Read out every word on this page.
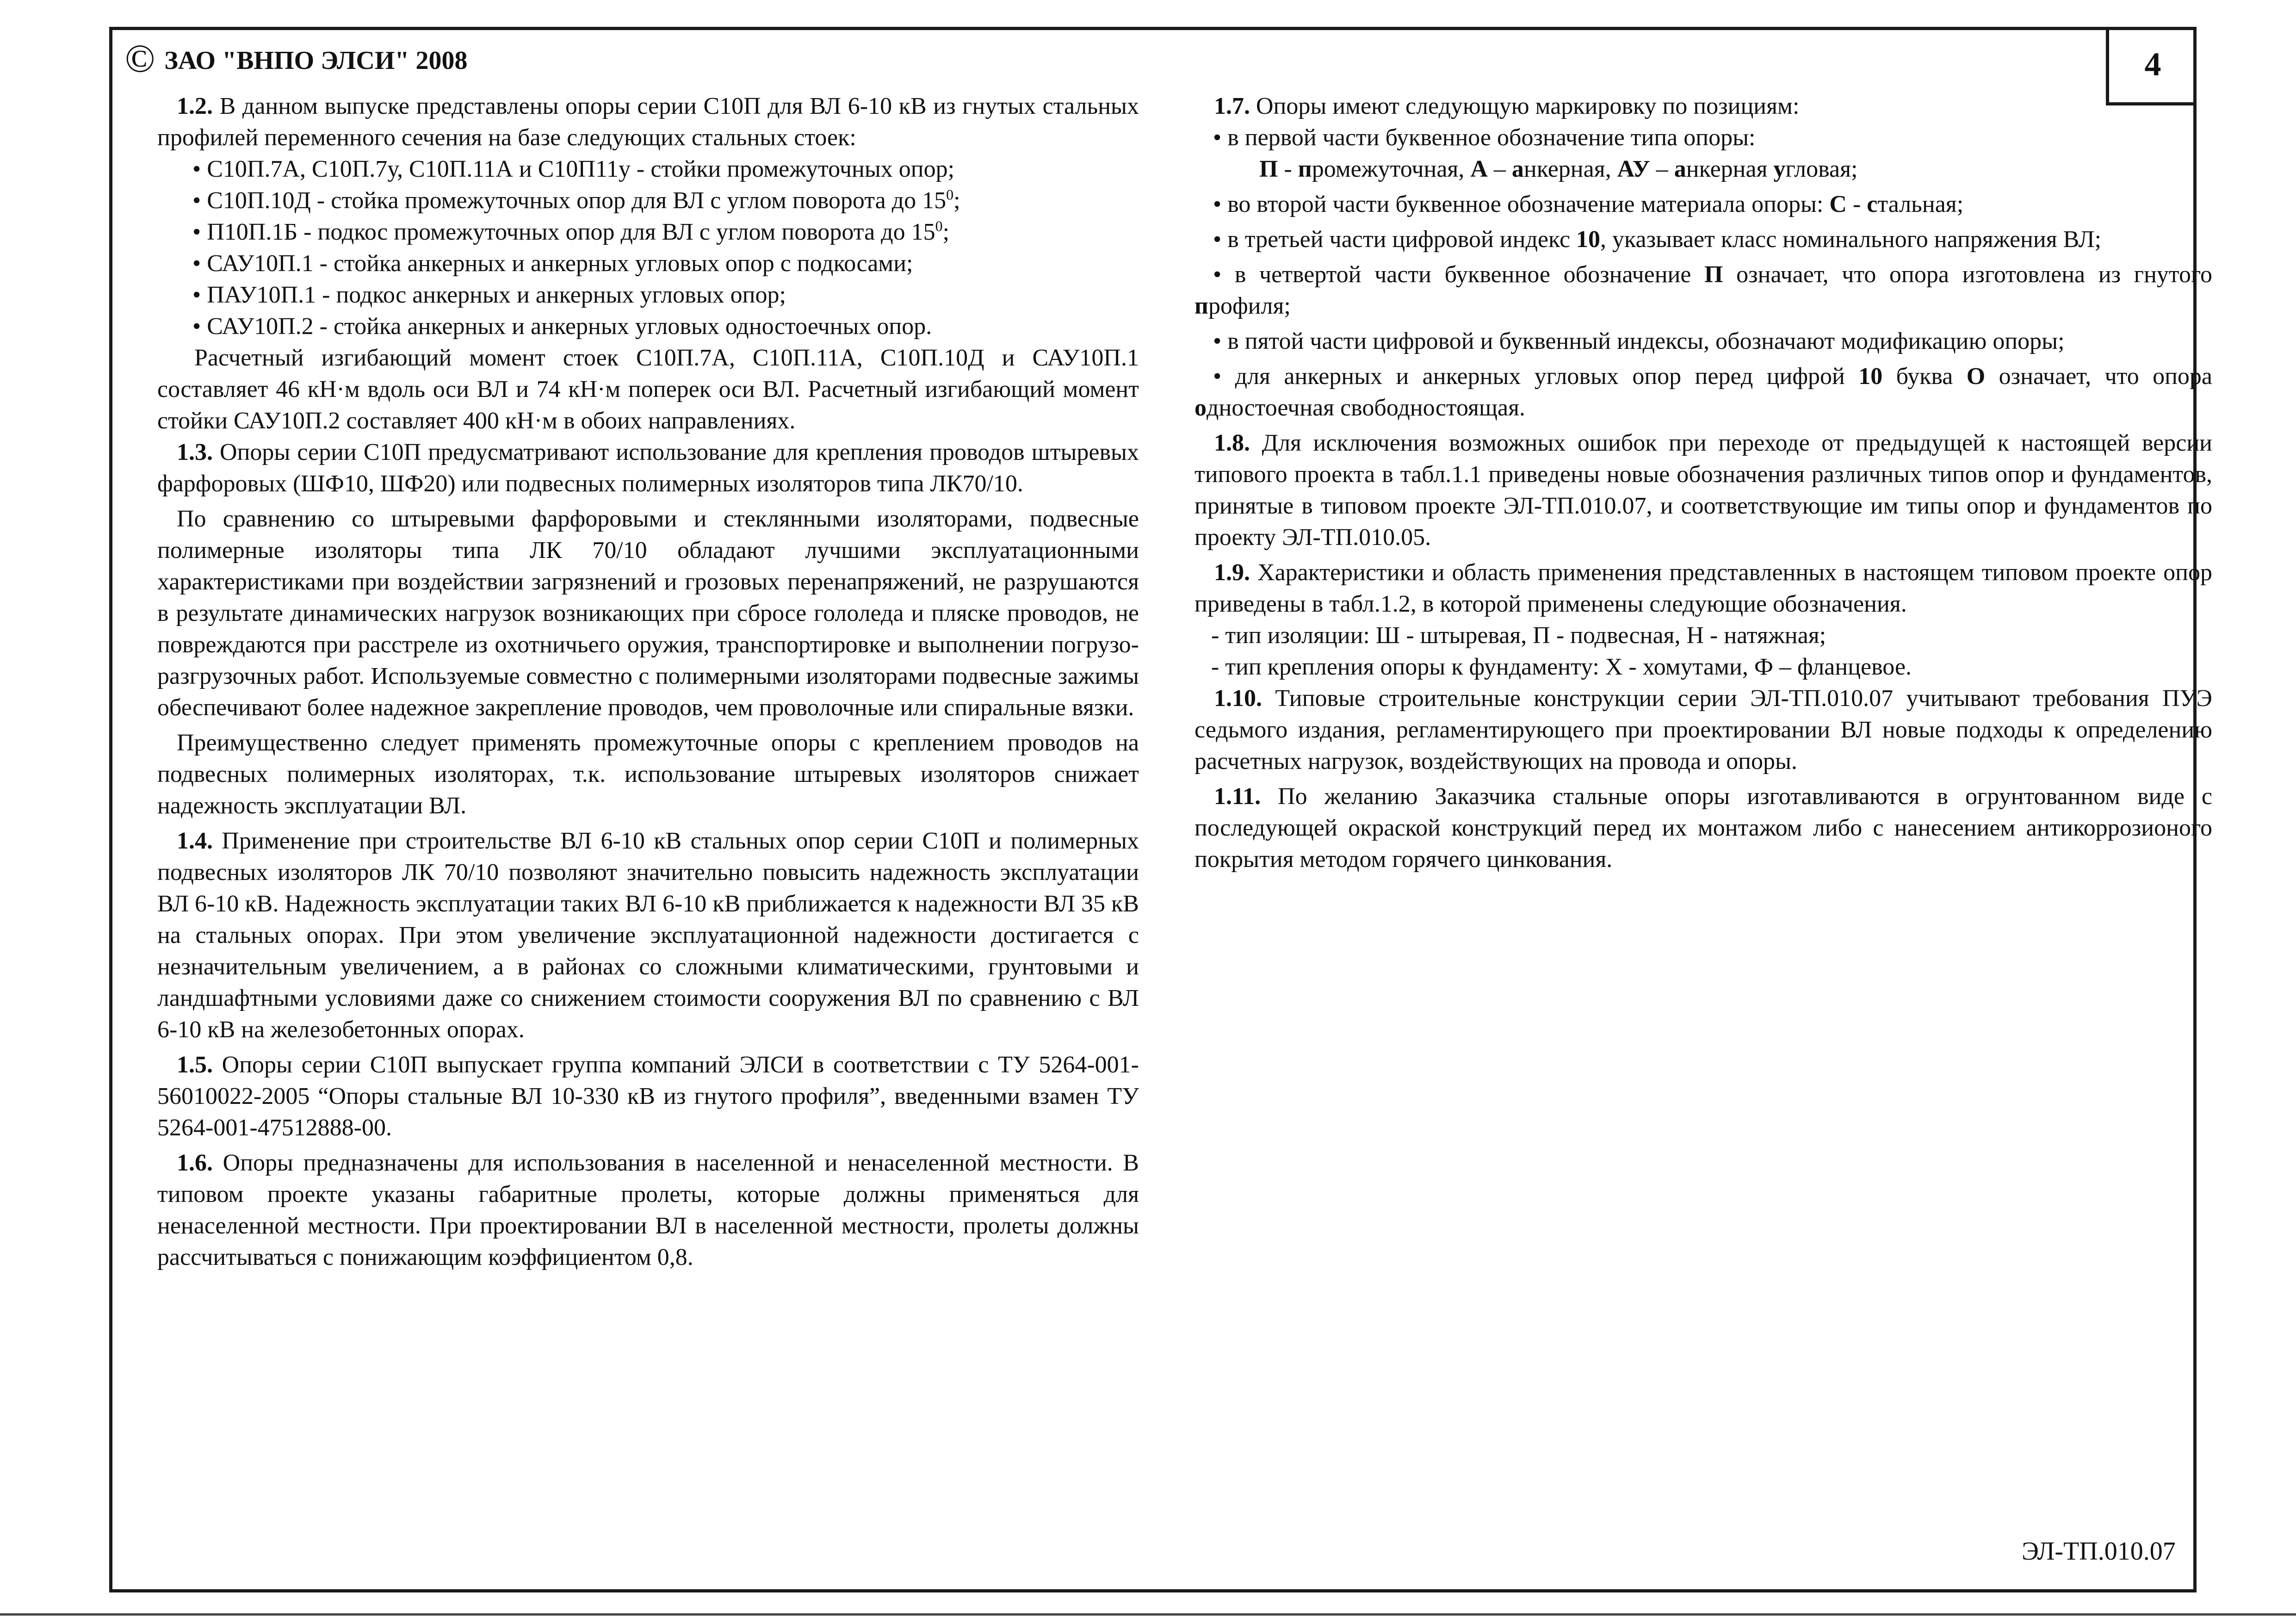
© ЗАО "ВНПО ЭЛСИ" 2008	4

1.2. В данном выпуске представлены опоры серии С10П для ВЛ 6-10 кВ из гнутых стальных профилей переменного сечения на базе следующих стальных стоек:

• С10П.7А, С10П.7у, С10П.11А и С10П11у - стойки промежуточных опор;

• С10П.10Д - стойка промежуточных опор для ВЛ с углом поворота до $15^0$;

• П10П.1Б - подкос промежуточных опор для ВЛ с углом поворота до $15^0$;

• САУ10П.1 - стойка анкерных и анкерных угловых опор с подкосами;

• ПАУ10П.1 - подкос анкерных и анкерных угловых опор;

• САУ10П.2 - стойка анкерных и анкерных угловых одностоечных опор.

Расчетный изгибающий момент стоек С10П.7А, С10П.11А, С10П.10Д и САУ10П.1 составляет 46 кН·м вдоль оси ВЛ и 74 кН·м поперек оси ВЛ. Расчетный изгибающий момент стойки САУ10П.2 составляет 400 кН·м в обоих направлениях.

1.3. Опоры серии С10П предусматривают использование для крепления проводов штыревых фарфоровых (ШФ10, ШФ20) или подвесных полимерных изоляторов типа ЛК70/10.

По сравнению со штыревыми фарфоровыми и стеклянными изоляторами, подвесные полимерные изоляторы типа ЛК 70/10 обладают лучшими эксплуатационными характеристиками при воздействии загрязнений и грозовых перенапряжений, не разрушаются в результате динамических нагрузок возникающих при сбросе гололеда и пляске проводов, не повреждаются при расстреле из охотничьего оружия, транспортировке и выполнении погрузо-разгрузочных работ. Используемые совместно с полимерными изоляторами подвесные зажимы обеспечивают более надежное закрепление проводов, чем проволочные или спиральные вязки.

Преимущественно следует применять промежуточные опоры с креплением проводов на подвесных полимерных изоляторах, т.к. использование штыревых изоляторов снижает надежность эксплуатации ВЛ.

1.4. Применение при строительстве ВЛ 6-10 кВ стальных опор серии С10П и полимерных подвесных изоляторов ЛК 70/10 позволяют значительно повысить надежность эксплуатации ВЛ 6-10 кВ. Надежность эксплуатации таких ВЛ 6-10 кВ приближается к надежности ВЛ 35 кВ на стальных опорах. При этом увеличение эксплуатационной надежности достигается с незначительным увеличением, а в районах со сложными климатическими, грунтовыми и ландшафтными условиями даже со снижением стоимости сооружения ВЛ по сравнению с ВЛ 6-10 кВ на железобетонных опорах.

1.5. Опоры серии С10П выпускает группа компаний ЭЛСИ в соответствии с ТУ 5264-001-56010022-2005 “Опоры стальные ВЛ 10-330 кВ из гнутого профиля”, введенными взамен ТУ 5264-001-47512888-00.

1.6. Опоры предназначены для использования в населенной и ненаселенной местности. В типовом проекте указаны габаритные пролеты, которые должны применяться для ненаселенной местности. При проектировании ВЛ в населенной местности, пролеты должны рассчитываться с понижающим коэффициентом 0,8.

1.7. Опоры имеют следующую маркировку по позициям:

• в первой части буквенное обозначение типа опоры:

П - промежуточная, А – анкерная, АУ – анкерная угловая;

• во второй части буквенное обозначение материала опоры: С - стальная;

• в третьей части цифровой индекс 10, указывает класс номинального напряжения ВЛ;

• в четвертой части буквенное обозначение П означает, что опора изготовлена из гнутого профиля;

• в пятой части цифровой и буквенный индексы, обозначают модификацию опоры;

• для анкерных и анкерных угловых опор перед цифрой 10 буква О означает, что опора одностоечная свободностоящая.

1.8. Для исключения возможных ошибок при переходе от предыдущей к настоящей версии типового проекта в табл.1.1 приведены новые обозначения различных типов опор и фундаментов, принятые в типовом проекте ЭЛ-ТП.010.07, и соответствующие им типы опор и фундаментов по проекту ЭЛ-ТП.010.05.

1.9. Характеристики и область применения представленных в настоящем типовом проекте опор приведены в табл.1.2, в которой применены следующие обозначения.

- тип изоляции: Ш - штыревая, П - подвесная, Н - натяжная;

- тип крепления опоры к фундаменту: Х - хомутами, Ф – фланцевое.

1.10. Типовые строительные конструкции серии ЭЛ-ТП.010.07 учитывают требования ПУЭ седьмого издания, регламентирующего при проектировании ВЛ новые подходы к определению расчетных нагрузок, воздействующих на провода и опоры.

1.11. По желанию Заказчика стальные опоры изготавливаются в огрунтованном виде с последующей окраской конструкций перед их монтажом либо с нанесением антикоррозионого покрытия методом горячего цинкования.

ЭЛ-ТП.010.07
